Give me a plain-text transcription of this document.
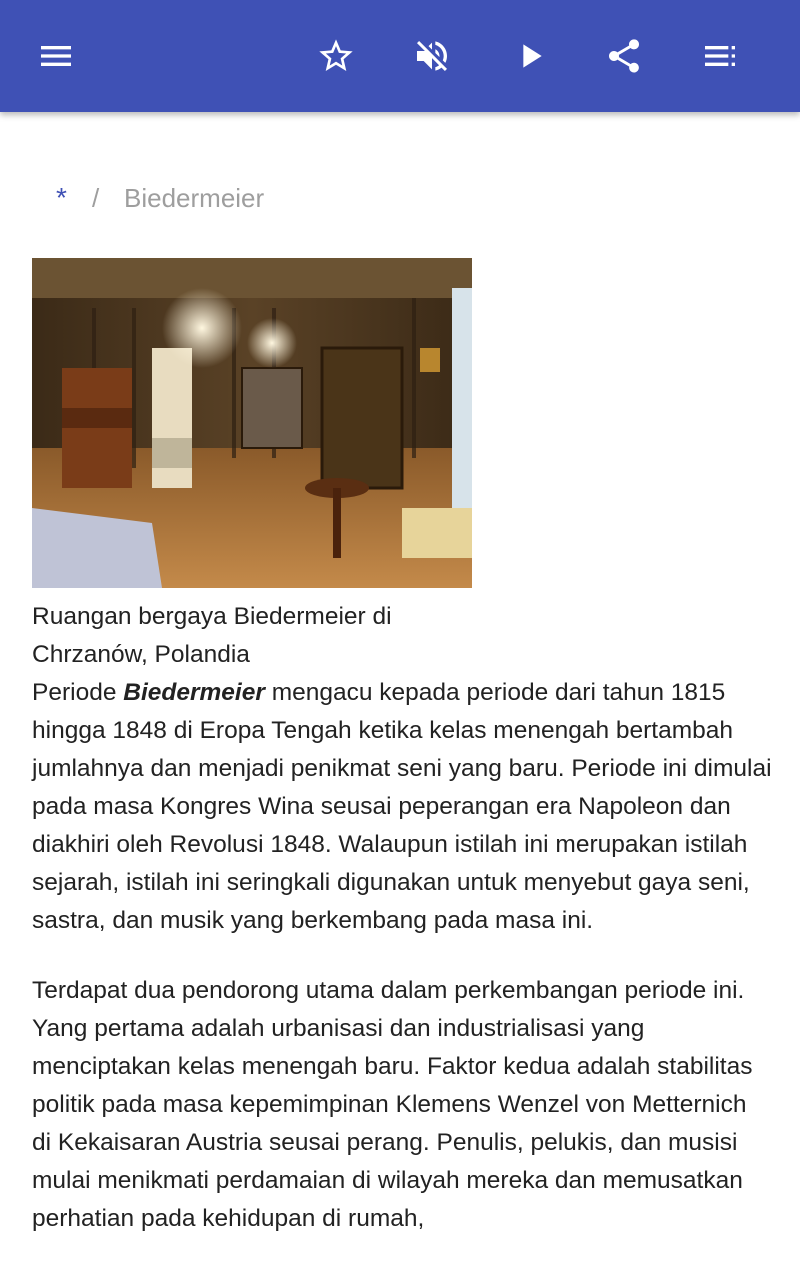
* / Biedermeier
Ruangan bergaya Biedermeier di Chrzanów, Polandia

Periode Biedermeier mengacu kepada periode dari tahun 1815 hingga 1848 di Eropa Tengah ketika kelas menengah bertambah jumlahnya dan menjadi penikmat seni yang baru. Periode ini dimulai pada masa Kongres Wina seusai peperangan era Napoleon dan diakhiri oleh Revolusi 1848. Walaupun istilah ini merupakan istilah sejarah, istilah ini seringkali digunakan untuk menyebut gaya seni, sastra, dan musik yang berkembang pada masa ini.

Terdapat dua pendorong utama dalam perkembangan periode ini. Yang pertama adalah urbanisasi dan industrialisasi yang menciptakan kelas menengah baru. Faktor kedua adalah stabilitas politik pada masa kepemimpinan Klemens Wenzel von Metternich di Kekaisaran Austria seusai perang. Penulis, pelukis, dan musisi mulai menikmati perdamaian di wilayah mereka dan memusatkan perhatian pada kehidupan di rumah,
